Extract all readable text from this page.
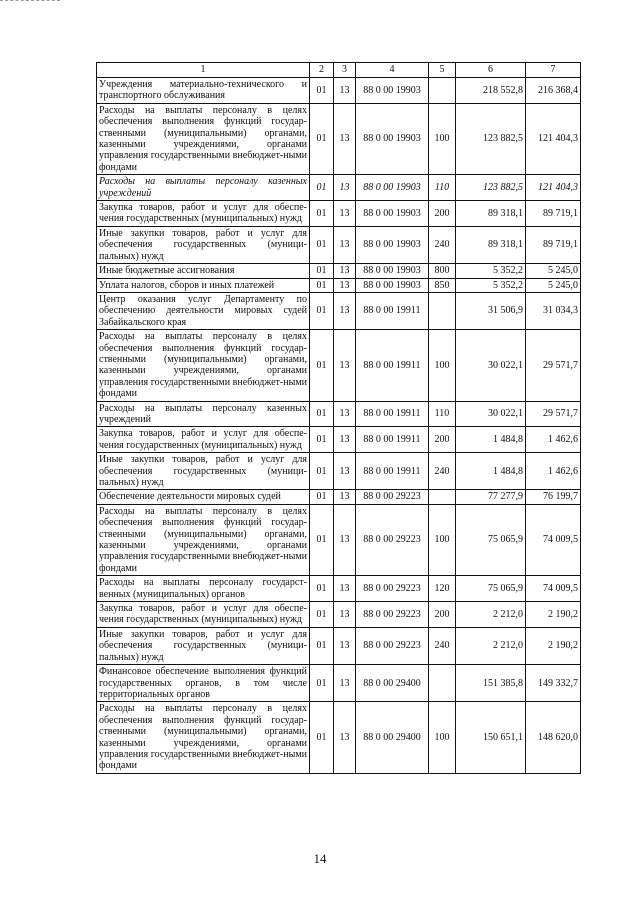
1	2	3	4	5	6	7
Учреждения материально-технического и транспортного обслуживания	01	13	88 0 00 19903		218 552,8	216 368,4
Расходы на выплаты персоналу в целях обеспечения выполнения функций государ-ственными (муниципальными) органами, казенными учреждениями, органами управления государственными внебюджет-ными фондами	01	13	88 0 00 19903	100	123 882,5	121 404,3
Расходы на выплаты персоналу казенных учреждений	01	13	88 0 00 19903	110	123 882,5	121 404,3
Закупка товаров, работ и услуг для обеспе-чения государственных (муниципальных) нужд	01	13	88 0 00 19903	200	89 318,1	89 719,1
Иные закупки товаров, работ и услуг для обеспечения государственных (муници-пальных) нужд	01	13	88 0 00 19903	240	89 318,1	89 719,1
Иные бюджетные ассигнования	01	13	88 0 00 19903	800	5 352,2	5 245,0
Уплата налогов, сборов и иных платежей	01	13	88 0 00 19903	850	5 352,2	5 245,0
Центр оказания услуг Департаменту по обеспечению деятельности мировых судей Забайкальского края	01	13	88 0 00 19911		31 506,9	31 034,3
Расходы на выплаты персоналу в целях обеспечения выполнения функций государ-ственными (муниципальными) органами, казенными учреждениями, органами управления государственными внебюджет-ными фондами	01	13	88 0 00 19911	100	30 022,1	29 571,7
Расходы на выплаты персоналу казенных учреждений	01	13	88 0 00 19911	110	30 022,1	29 571,7
Закупка товаров, работ и услуг для обеспе-чения государственных (муниципальных) нужд	01	13	88 0 00 19911	200	1 484,8	1 462,6
Иные закупки товаров, работ и услуг для обеспечения государственных (муници-пальных) нужд	01	13	88 0 00 19911	240	1 484,8	1 462,6
Обеспечение деятельности мировых судей	01	13	88 0 00 29223		77 277,9	76 199,7
Расходы на выплаты персоналу в целях обеспечения выполнения функций государ-ственными (муниципальными) органами, казенными учреждениями, органами управления государственными внебюджет-ными фондами	01	13	88 0 00 29223	100	75 065,9	74 009,5
Расходы на выплаты персоналу государст-венных (муниципальных) органов	01	13	88 0 00 29223	120	75 065,9	74 009,5
Закупка товаров, работ и услуг для обеспе-чения государственных (муниципальных) нужд	01	13	88 0 00 29223	200	2 212,0	2 190,2
Иные закупки товаров, работ и услуг для обеспечения государственных (муници-пальных) нужд	01	13	88 0 00 29223	240	2 212,0	2 190,2
Финансовое обеспечение выполнения функций государственных органов, в том числе территориальных органов	01	13	88 0 00 29400		151 385,8	149 332,7
Расходы на выплаты персоналу в целях обеспечения выполнения функций государ-ственными (муниципальными) органами, казенными учреждениями, органами управления государственными внебюджет-ными фондами	01	13	88 0 00 29400	100	150 651,1	148 620,0
14
